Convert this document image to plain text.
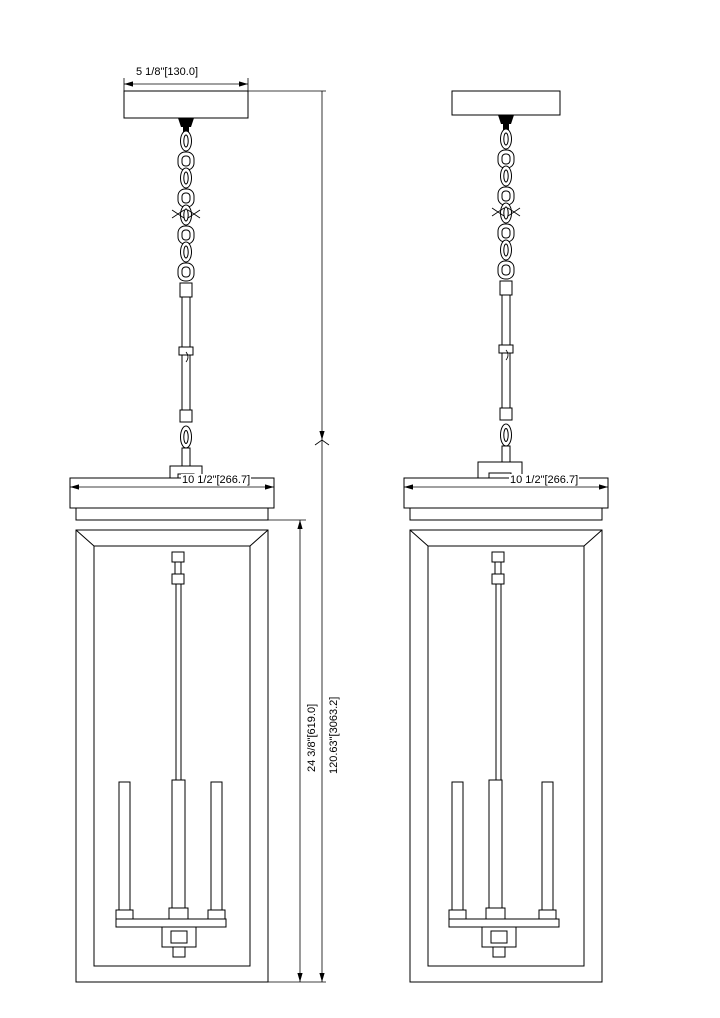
5 1/8"[130.0]
10 1/2"[266.7]	10 1/2"[266.7]
24 3/8"[619.0] 120.63"[3063.2]
